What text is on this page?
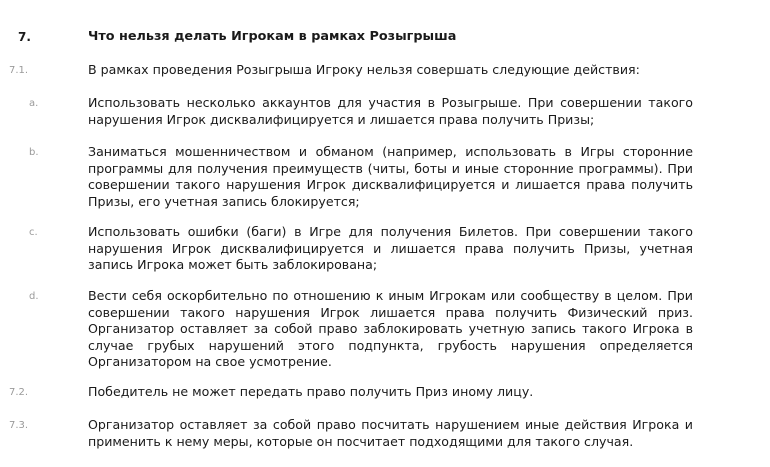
7.	Что нельзя делать Игрокам в рамках Розыгрыша

7.1.	В рамках проведения Розыгрыша Игроку нельзя совершать следующие действия:

a.	Использовать несколько аккаунтов для участия в Розыгрыше. При совершении такого нарушения Игрок дисквалифицируется и лишается права получить Призы;

b.	Заниматься мошенничеством и обманом (например, использовать в Игры сторонние программы для получения преимуществ (читы, боты и иные сторонние программы). При совершении такого нарушения Игрок дисквалифицируется и лишается права получить Призы, его учетная запись блокируется;

c.	Использовать ошибки (баги) в Игре для получения Билетов. При совершении такого нарушения Игрок дисквалифицируется и лишается права получить Призы, учетная запись Игрока может быть заблокирована;

d.	Вести себя оскорбительно по отношению к иным Игрокам или сообществу в целом. При совершении такого нарушения Игрок лишается права получить Физический приз. Организатор оставляет за собой право заблокировать учетную запись такого Игрока в случае грубых нарушений этого подпункта, грубость нарушения определяется Организатором на свое усмотрение.

7.2.	Победитель не может передать право получить Приз иному лицу.

7.3.	Организатор оставляет за собой право посчитать нарушением иные действия Игрока и применить к нему меры, которые он посчитает подходящими для такого случая.
